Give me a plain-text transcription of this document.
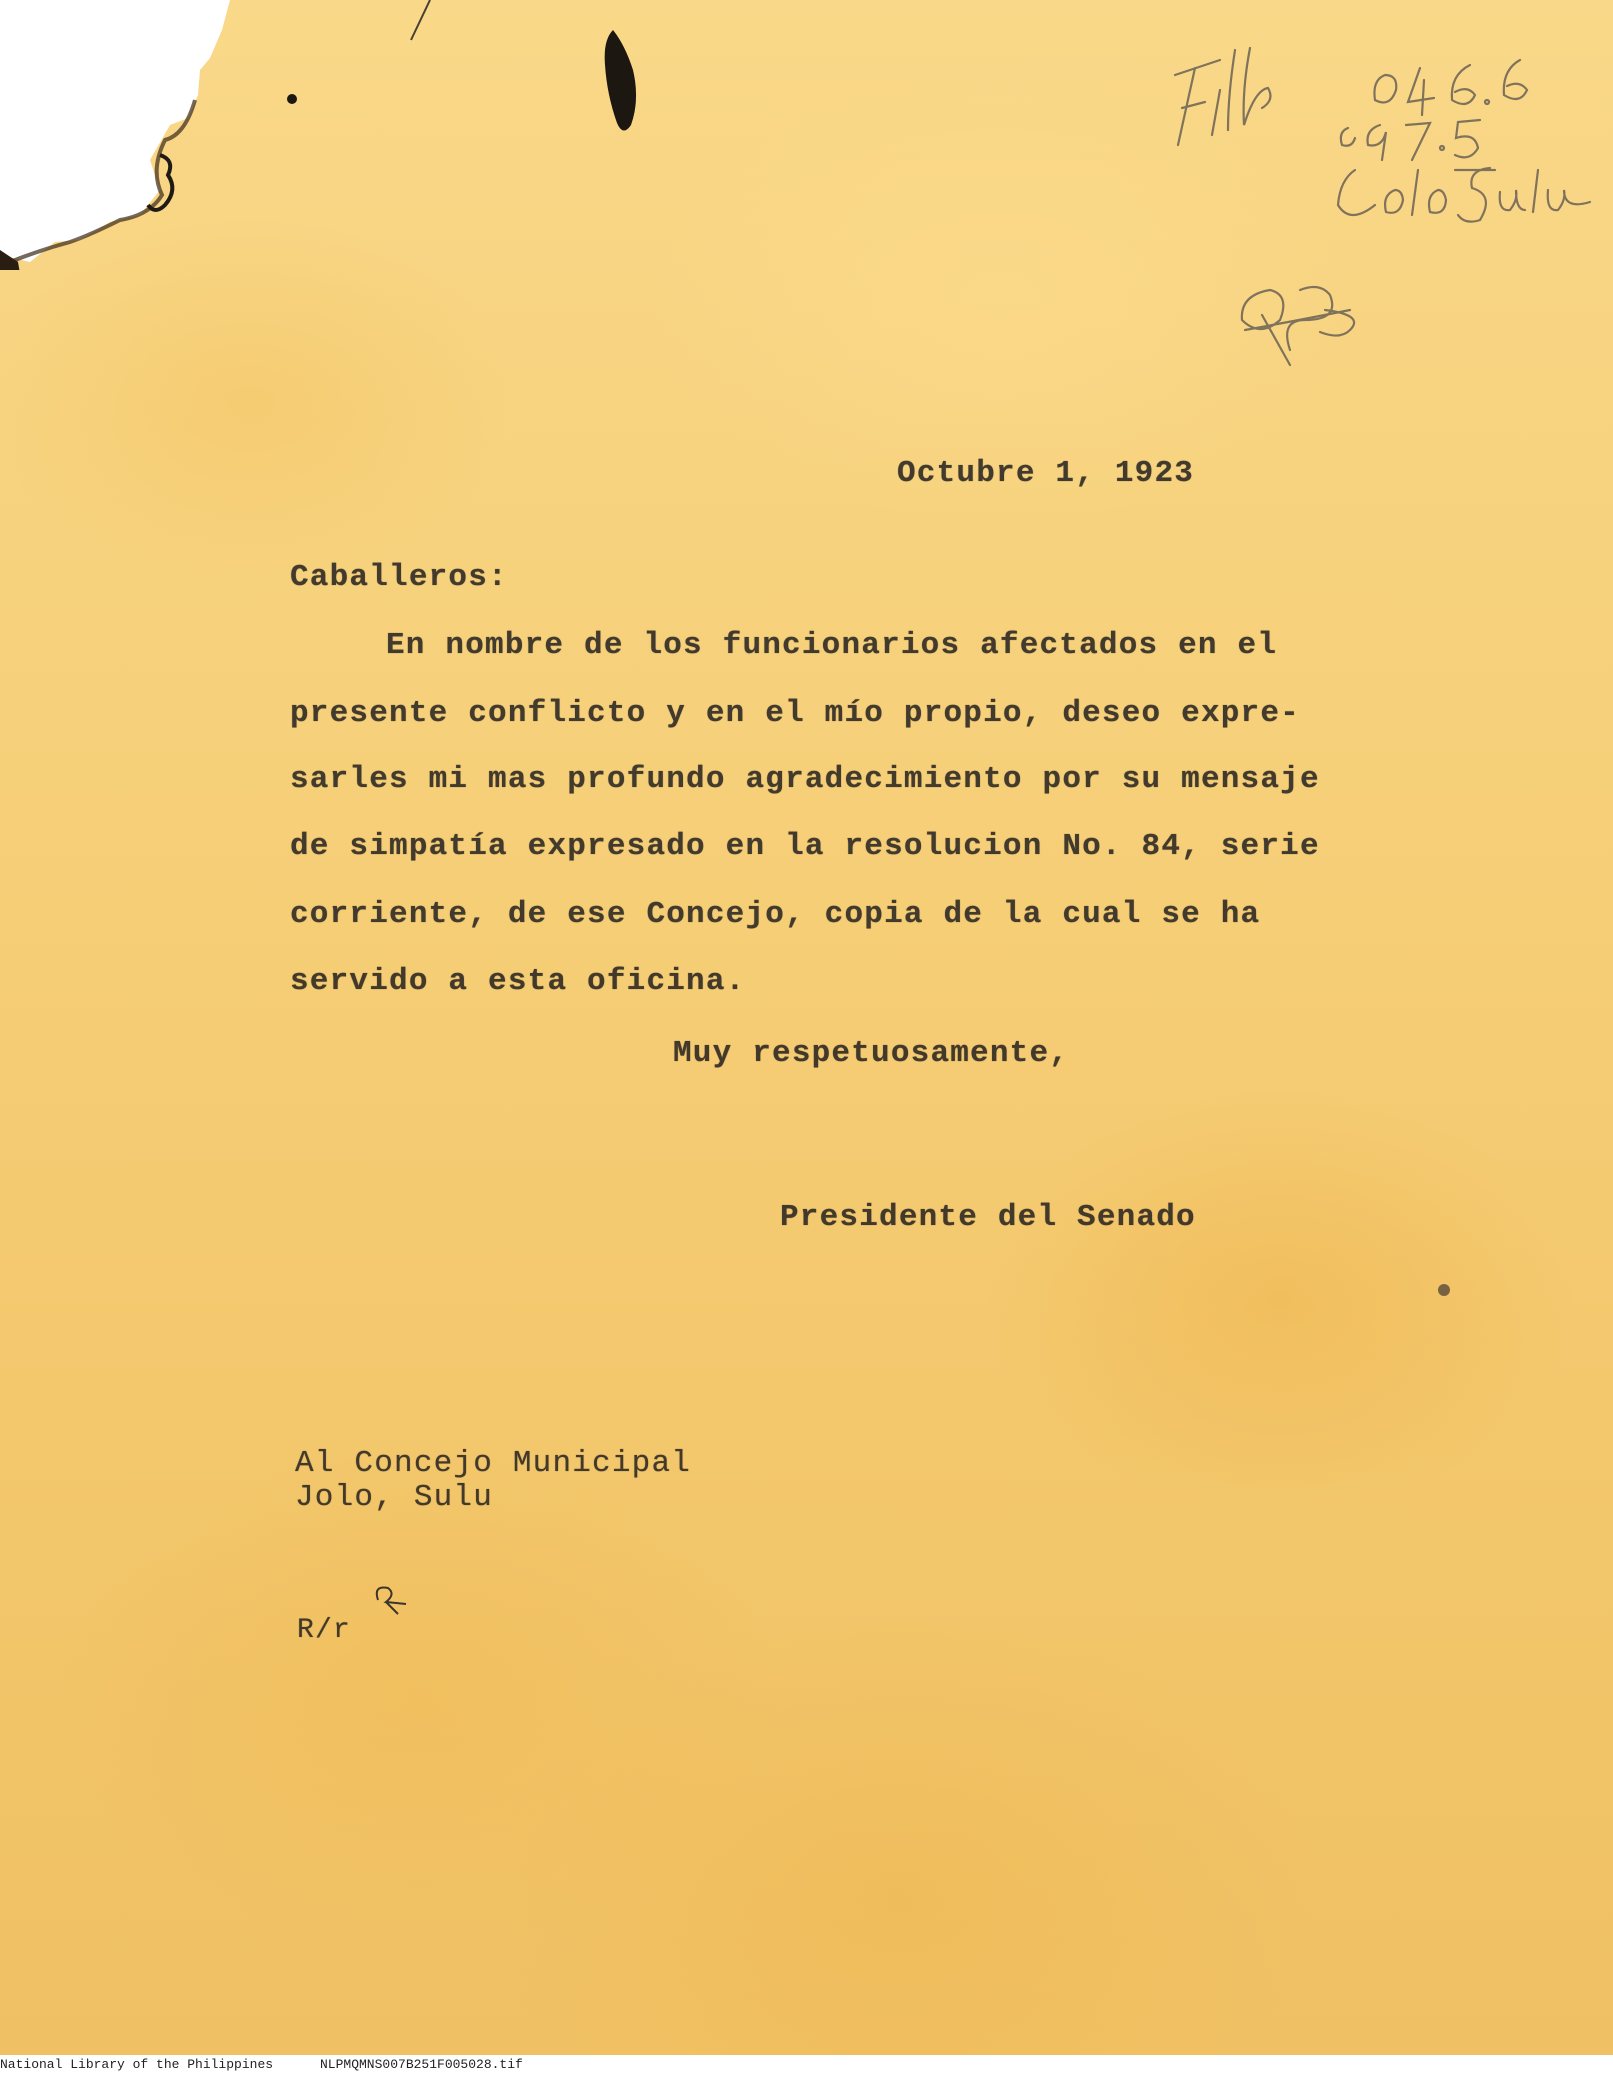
Octubre 1, 1923
Caballeros:
En nombre de los funcionarios afectados en el
presente conflicto y en el mío propio, deseo expre-
sarles mi mas profundo agradecimiento por su mensaje
de simpatía expresado en la resolucion No. 84, serie
corriente, de ese Concejo, copia de la cual se ha
servido a esta oficina.
Muy respetuosamente,
Presidente del Senado
Al Concejo Municipal
Jolo, Sulu
R/r
National Library of the Philippines	NLPMQMNS007B251F005028.tif
